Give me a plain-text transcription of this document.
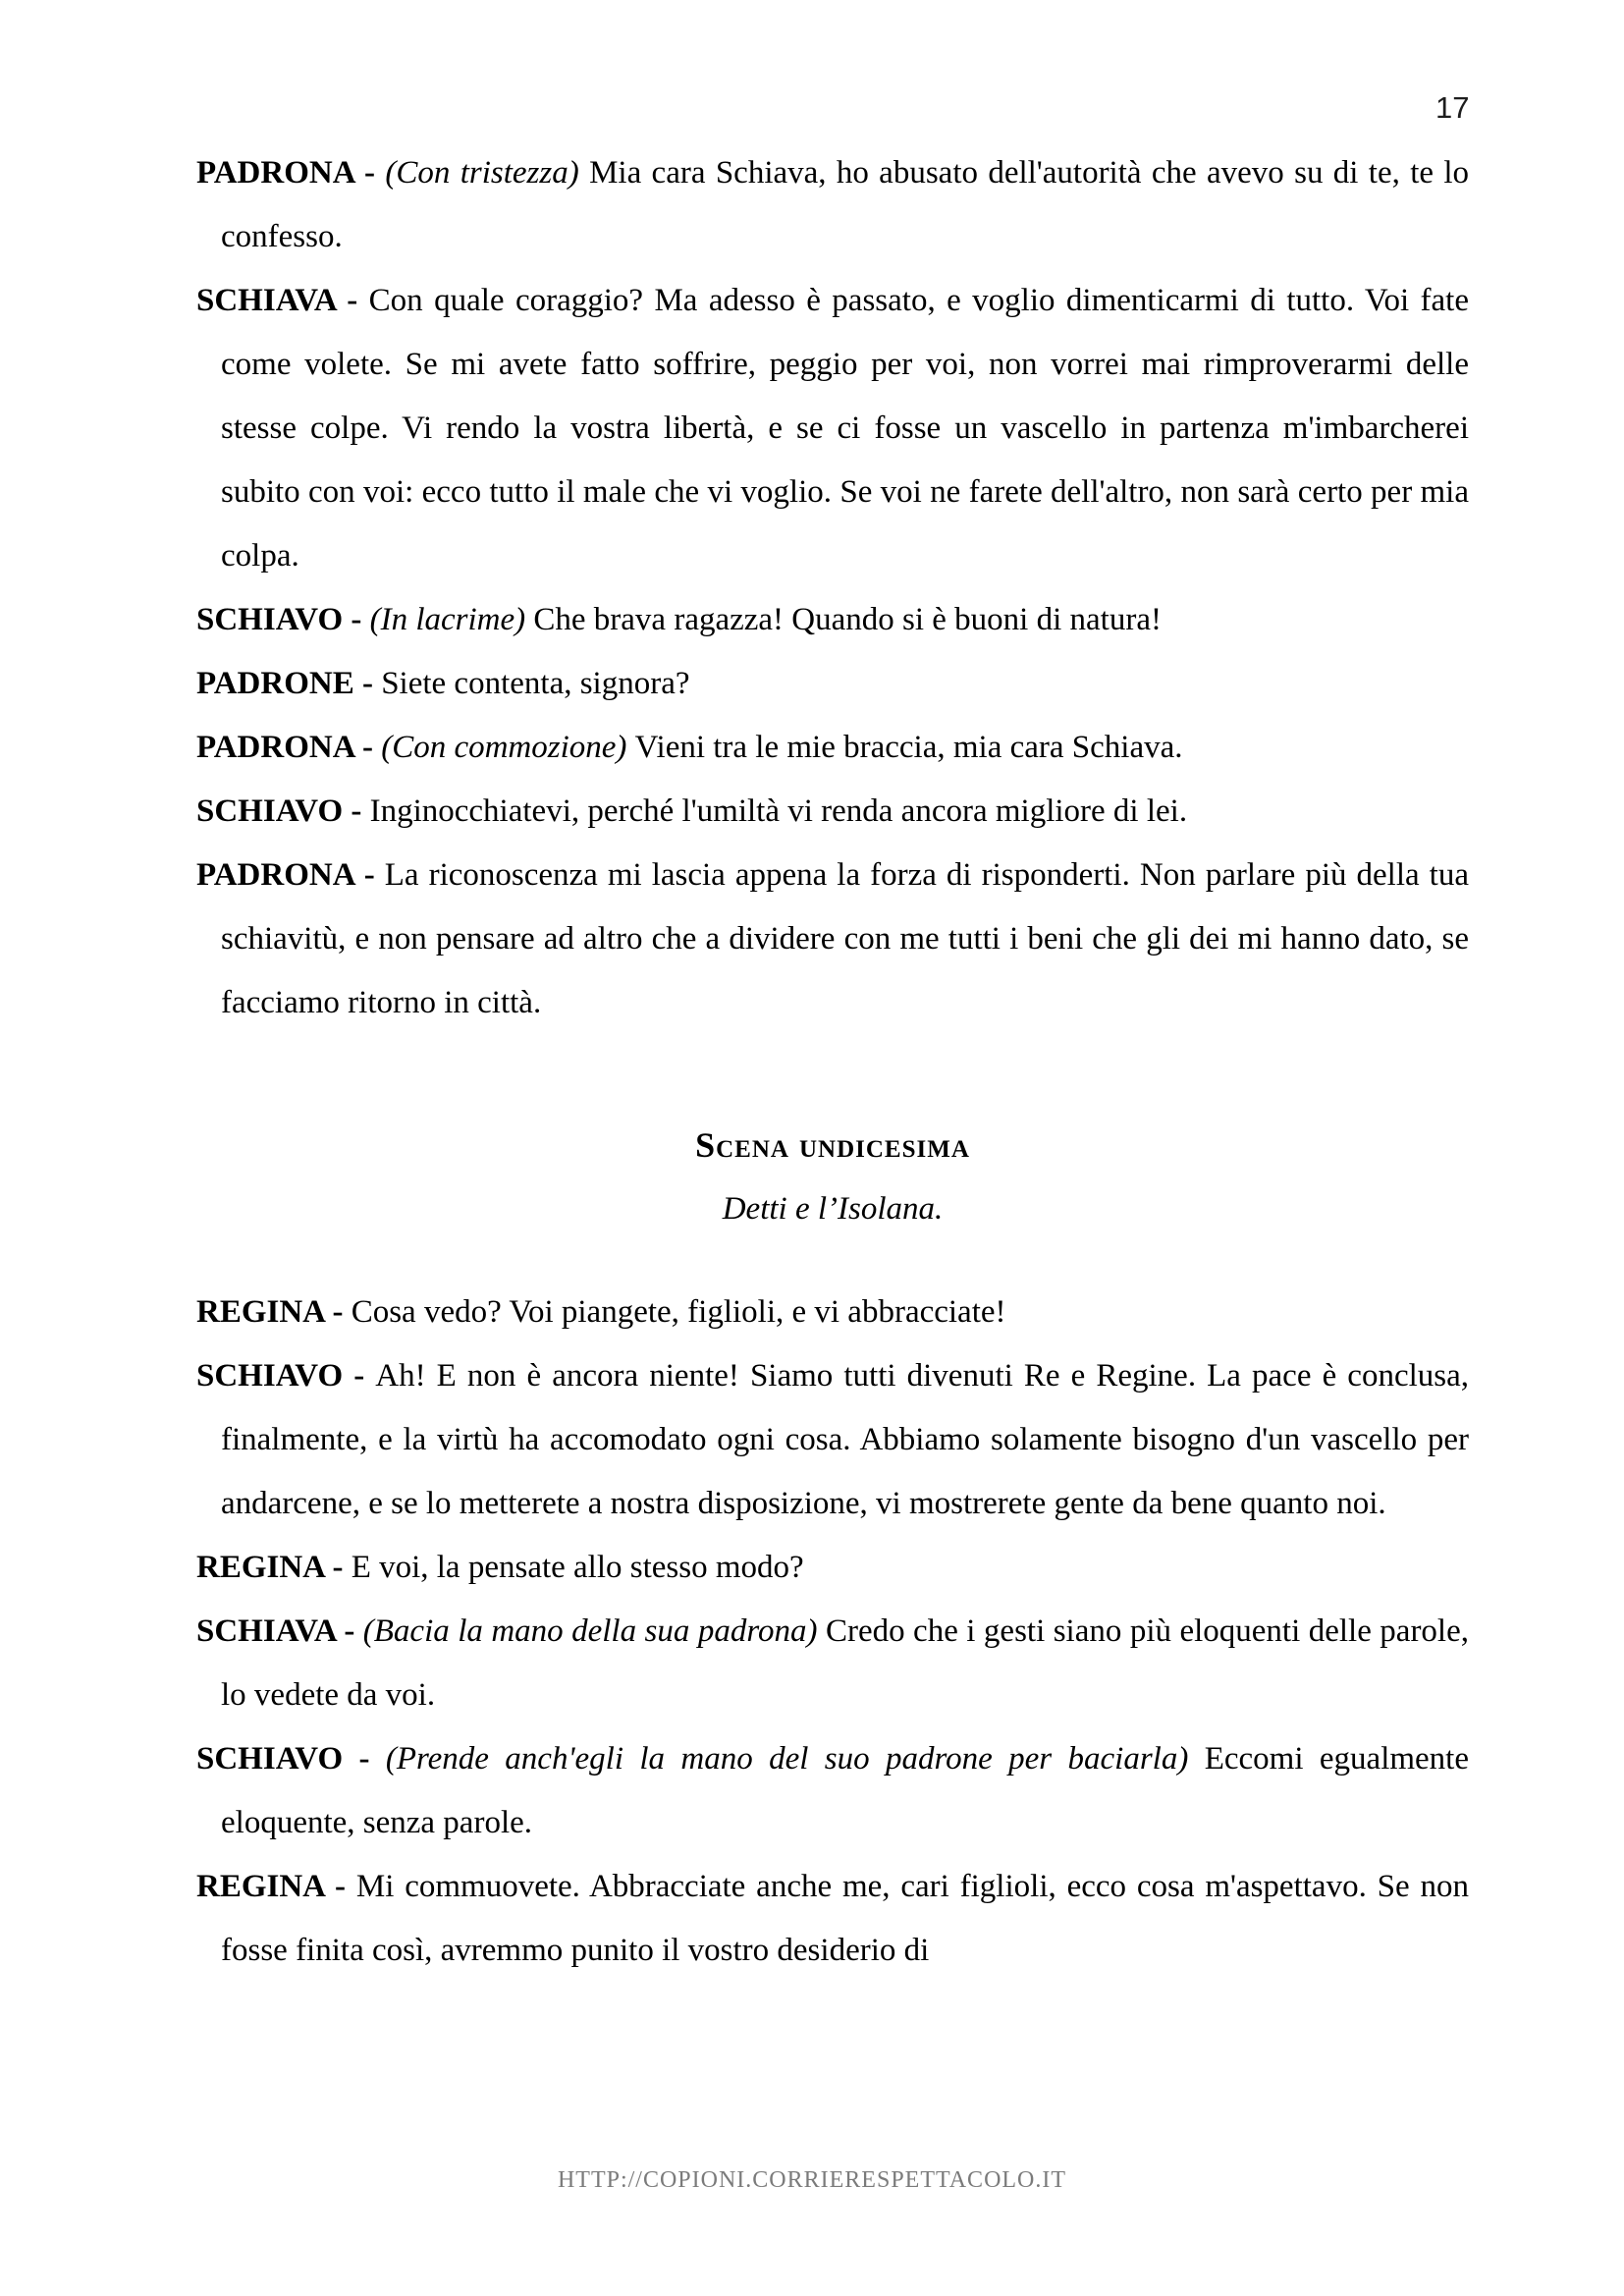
17

PADRONA - (Con tristezza) Mia cara Schiava, ho abusato dell'autorità che avevo su di te, te lo confesso.

SCHIAVA - Con quale coraggio? Ma adesso è passato, e voglio dimenticarmi di tutto. Voi fate come volete. Se mi avete fatto soffrire, peggio per voi, non vorrei mai rimproverarmi delle stesse colpe. Vi rendo la vostra libertà, e se ci fosse un vascello in partenza m'imbarcherei subito con voi: ecco tutto il male che vi voglio. Se voi ne farete dell'altro, non sarà certo per mia colpa.

SCHIAVO - (In lacrime) Che brava ragazza! Quando si è buoni di natura!

PADRONE - Siete contenta, signora?

PADRONA - (Con commozione) Vieni tra le mie braccia, mia cara Schiava.

SCHIAVO - Inginocchiatevi, perché l'umiltà vi renda ancora migliore di lei.

PADRONA - La riconoscenza mi lascia appena la forza di risponderti. Non parlare più della tua schiavitù, e non pensare ad altro che a dividere con me tutti i beni che gli dei mi hanno dato, se facciamo ritorno in città.

Scena undicesima
Detti e l’Isolana.

REGINA - Cosa vedo? Voi piangete, figlioli, e vi abbracciate!

SCHIAVO - Ah! E non è ancora niente! Siamo tutti divenuti Re e Regine. La pace è conclusa, finalmente, e la virtù ha accomodato ogni cosa. Abbiamo solamente bisogno d'un vascello per andarcene, e se lo metterete a nostra disposizione, vi mostrerete gente da bene quanto noi.

REGINA - E voi, la pensate allo stesso modo?

SCHIAVA - (Bacia la mano della sua padrona) Credo che i gesti siano più eloquenti delle parole, lo vedete da voi.

SCHIAVO - (Prende anch'egli la mano del suo padrone per baciarla) Eccomi egualmente eloquente, senza parole.

REGINA - Mi commuovete. Abbracciate anche me, cari figlioli, ecco cosa m'aspettavo. Se non fosse finita così, avremmo punito il vostro desiderio di

HTTP://COPIONI.CORRIERESPETTACOLO.IT
